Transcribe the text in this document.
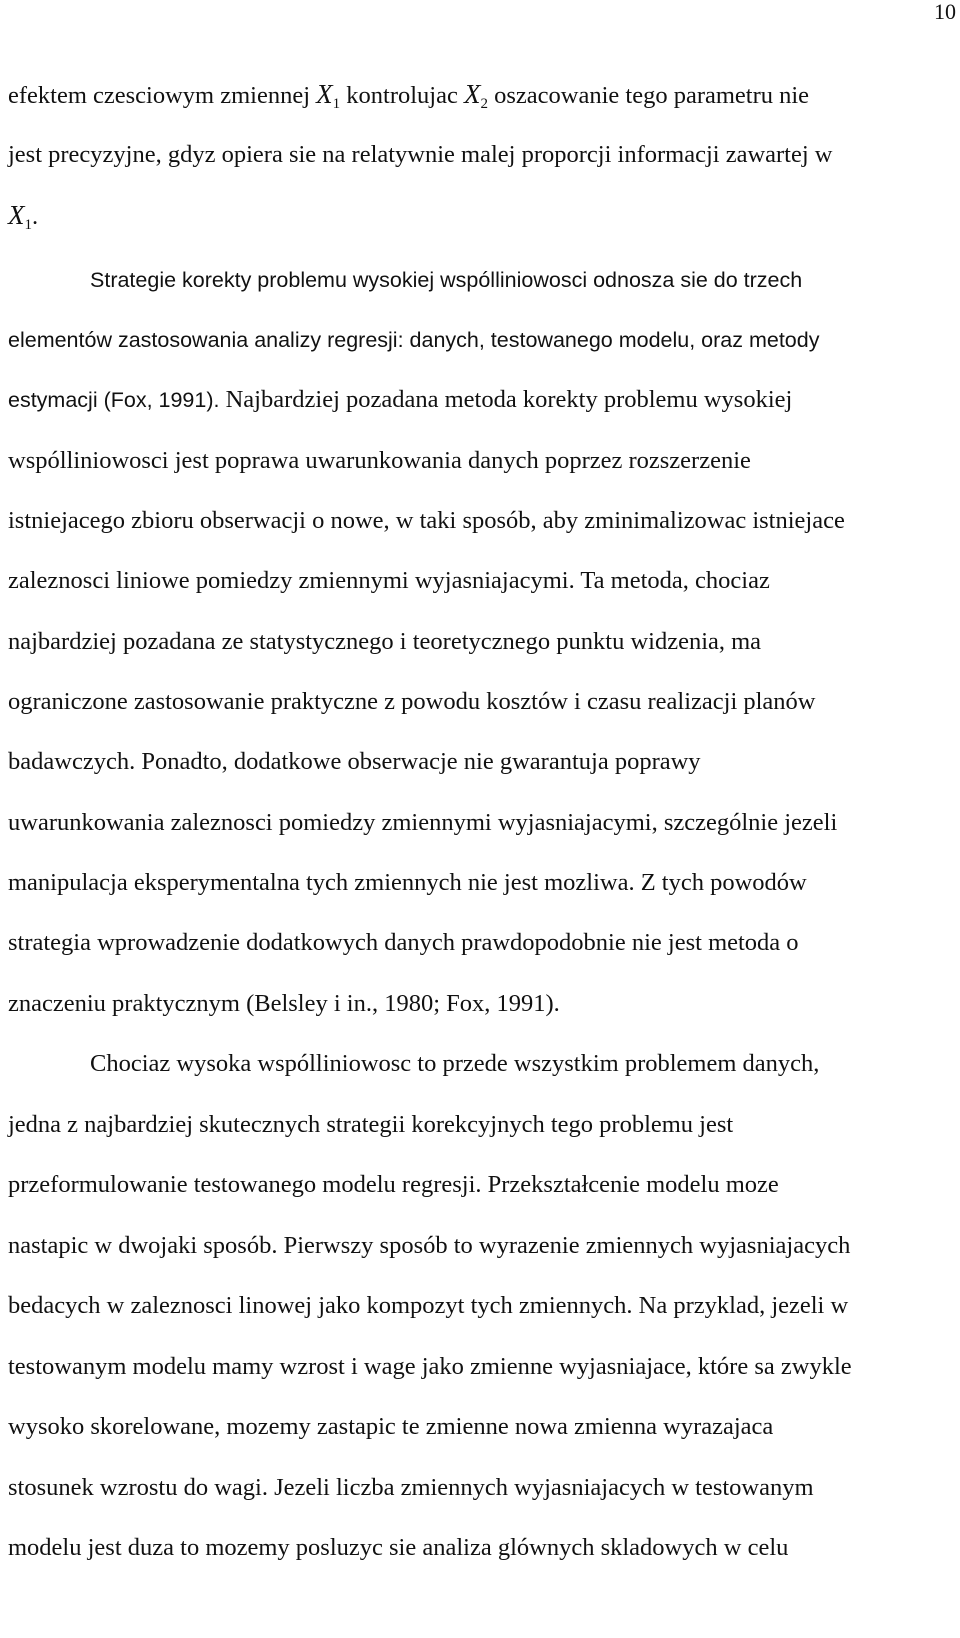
10
efektem czesciowym zmiennej $X_1$ kontrolujac $X_2$ oszacowanie tego parametru nie
jest precyzyjne, gdyz opiera sie na relatywnie malej proporcji informacji zawartej w
$X_1$.
Strategie korekty problemu wysokiej wspólliniowosci odnosza sie do trzech
elementów zastosowania analizy regresji: danych, testowanego modelu, oraz metody
estymacji (Fox, 1991). Najbardziej pozadana metoda korekty problemu wysokiej
wspólliniowosci jest poprawa uwarunkowania danych poprzez rozszerzenie
istniejacego zbioru obserwacji o nowe, w taki sposób, aby zminimalizowac istniejace
zaleznosci liniowe pomiedzy zmiennymi wyjasniajacymi. Ta metoda, chociaz
najbardziej pozadana ze statystycznego i teoretycznego punktu widzenia, ma
ograniczone zastosowanie praktyczne z powodu kosztów i czasu realizacji planów
badawczych. Ponadto, dodatkowe obserwacje nie gwarantuja poprawy
uwarunkowania zaleznosci pomiedzy zmiennymi wyjasniajacymi, szczególnie jezeli
manipulacja eksperymentalna tych zmiennych nie jest mozliwa. Z tych powodów
strategia wprowadzenie dodatkowych danych prawdopodobnie nie jest metoda o
znaczeniu praktycznym (Belsley i in., 1980; Fox, 1991).
Chociaz wysoka wspólliniowosc to przede wszystkim problemem danych,
jedna z najbardziej skutecznych strategii korekcyjnych tego problemu jest
przeformulowanie testowanego modelu regresji. Przekształcenie modelu moze
nastapic w dwojaki sposób. Pierwszy sposób to wyrazenie zmiennych wyjasniajacych
bedacych w zaleznosci linowej jako kompozyt tych zmiennych. Na przyklad, jezeli w
testowanym modelu mamy wzrost i wage jako zmienne wyjasniajace, które sa zwykle
wysoko skorelowane, mozemy zastapic te zmienne nowa zmienna wyrazajaca
stosunek wzrostu do wagi. Jezeli liczba zmiennych wyjasniajacych w testowanym
modelu jest duza to mozemy posluzyc sie analiza glównych skladowych w celu
